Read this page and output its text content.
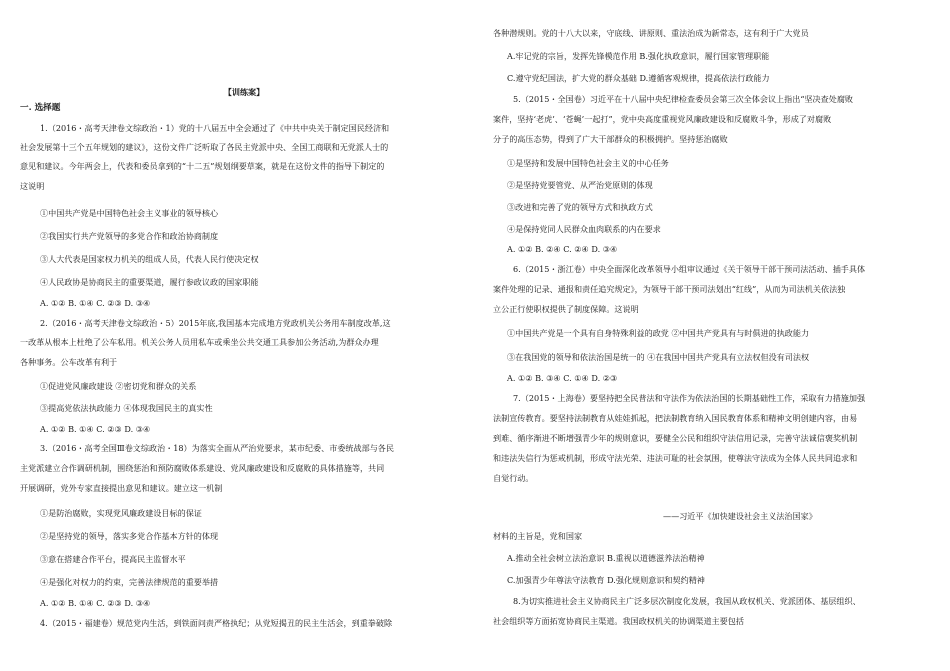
【训练案】
一. 选择题
1.（2016・高考天津卷文综政治・1）党的十八届五中全会通过了《中共中央关于制定国民经济和
社会发展第十三个五年规划的建议》，这份文件广泛听取了各民主党派中央、全国工商联和无党派人士的
意见和建议。今年两会上，代表和委员拿到的“十二五”规划纲要草案，就是在这份文件的指导下制定的
这说明
①中国共产党是中国特色社会主义事业的领导核心
②我国实行共产党领导的多党合作和政治协商制度
③人大代表是国家权力机关的组成人员，代表人民行使决定权
④人民政协是协商民主的重要渠道，履行参政议政的国家职能
A. ①② B. ①④ C. ②③ D. ③④
2.（2016・高考天津卷文综政治・5）2015年底,我国基本完成地方党政机关公务用车制度改革,这
一改革从根本上杜绝了公车私用。机关公务人员用私车或乘坐公共交通工具参加公务活动,为群众办理
各种事务。公车改革有利于
①促进党风廉政建设 ②密切党和群众的关系
③提高党依法执政能力 ④体现我国民主的真实性
A. ①② B. ①④ C. ②③ D. ③④
3.（2016・高考全国Ⅲ卷文综政治・18）为落实全面从严治党要求，某市纪委、市委统战部与各民
主党派建立合作调研机制，围绕惩治和预防腐败体系建设、党风廉政建设和反腐败的具体措施等，共同
开展调研，党外专家直接提出意见和建议。建立这一机制
①是防治腐败，实现党风廉政建设目标的保证
②是坚持党的领导，落实多党合作基本方针的体现
③意在搭建合作平台，提高民主监督水平
④是强化对权力的约束，完善法律规范的重要举措
A. ①② B. ①④ C. ②③ D. ③④
4.（2015・福建卷）规范党内生活，到铁面问责严格执纪；从党短揭丑的民主生活会，到重拳破除
各种潜规则。党的十八大以来，守底线、讲原则、重法治成为新常态，这有利于广大党员
A.牢记党的宗旨，发挥先锋模范作用 B.强化执政意识，履行国家管理职能
C.遵守党纪国法，扩大党的群众基础 D.遵循客观规律，提高依法行政能力
5.（2015・全国卷）习近平在十八届中央纪律检查委员会第三次全体会议上指出“坚决查处腐败
案件，坚持‘老虎’、‘苍蝇’一起打”，党中央高度重视党风廉政建设和反腐败斗争，形成了对腐败
分子的高压态势，得到了广大干部群众的积极拥护。坚持惩治腐败
①是坚持和发展中国特色社会主义的中心任务
②是坚持党要管党、从严治党原则的体现
③改进和完善了党的领导方式和执政方式
④是保持党同人民群众血肉联系的内在要求
A. ①② B. ②④ C. ②④ D. ③④
6.（2015・浙江卷）中央全面深化改革领导小组审议通过《关于领导干部干预司法活动、插手具体
案件处理的记录、通报和责任追究规定》，为领导干部干预司法划出“红线”，从而为司法机关依法独
立公正行使职权提供了制度保障。这说明
①中国共产党是一个具有自身特殊利益的政党 ②中国共产党具有与时俱进的执政能力
③在我国党的领导和依法治国是统一的 ④在我国中国共产党具有立法权但没有司法权
A. ①② B. ③④ C. ①④ D. ②③
7.（2015・上海卷）要坚持把全民普法和守法作为依法治国的长期基础性工作，采取有力措施加强
法制宣传教育。要坚持法制教育从娃娃抓起，把法制教育纳入国民教育体系和精神文明创建内容，由易
到难、循序渐进不断增强青少年的规则意识，要健全公民和组织守法信用记录，完善守法诚信褒奖机制
和违法失信行为惩戒机制，形成守法光荣、违法可耻的社会氛围，使尊法守法成为全体人民共同追求和
自觉行动。
——习近平《加快建设社会主义法治国家》
材料的主旨是，党和国家
A.推动全社会树立法治意识 B.重视以道德滋养法治精神
C.加强青少年尊法守法教育 D.强化规则意识和契约精神
8.为切实推进社会主义协商民主广泛多层次制度化发展，我国从政权机关、党派团体、基层组织、
社会组织等方面拓宽协商民主渠道。我国政权机关的协调渠道主要包括
